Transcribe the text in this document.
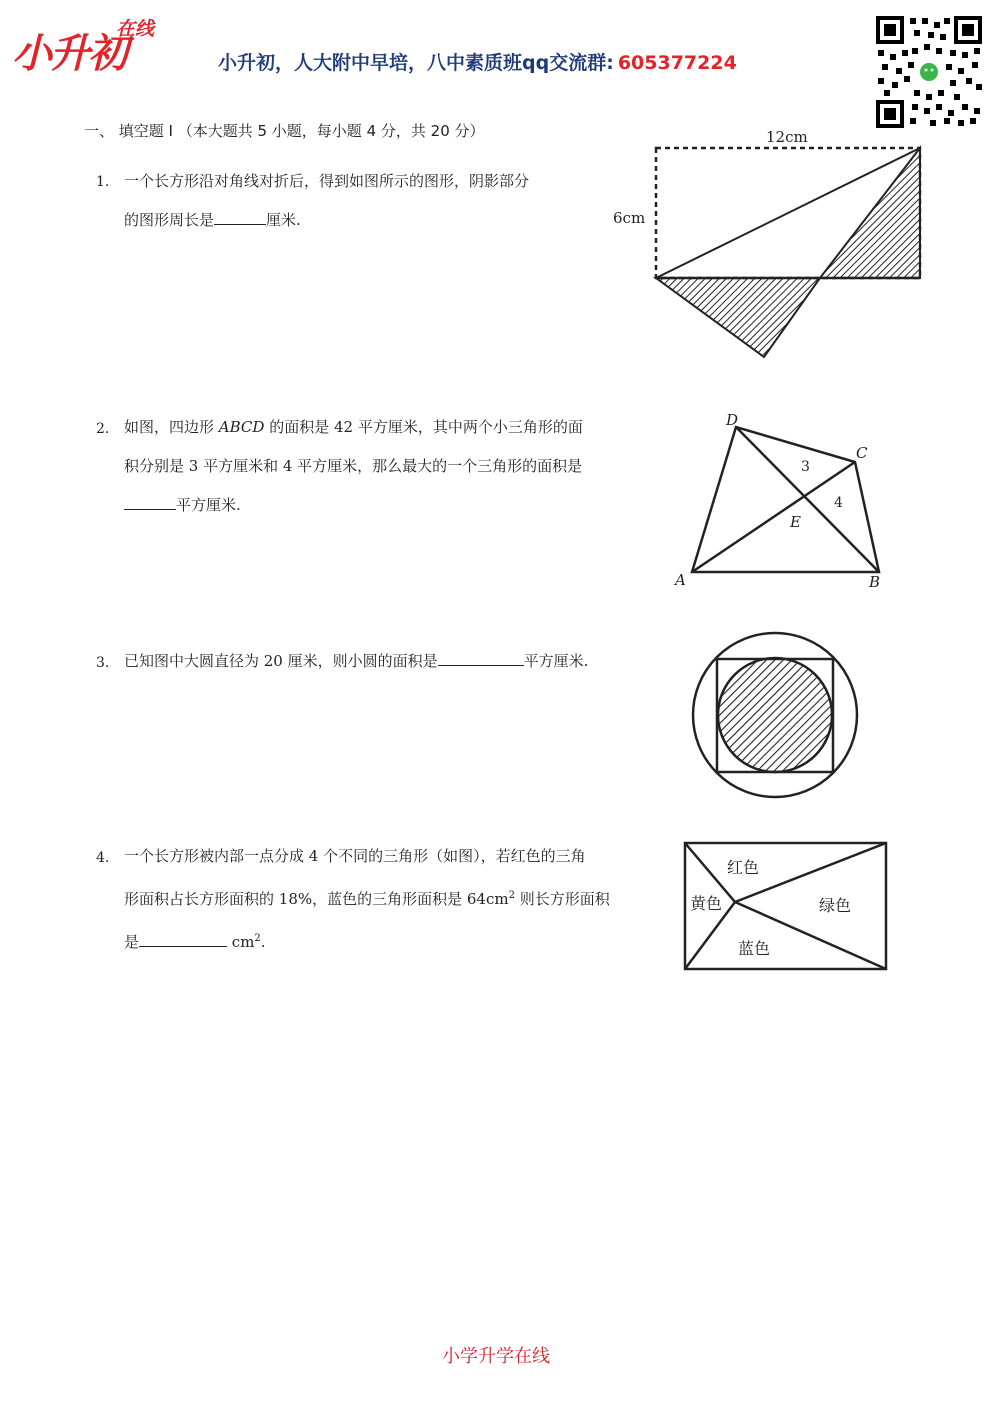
小升初
在线
小升初，人大附中早培，八中素质班qq交流群: 605377224
一、 填空题 I （本大题共 5 小题，每小题 4 分，共 20 分）
1. 一个长方形沿对角线对折后，得到如图所示的图形，阴影部分
的图形周长是	厘米.
12cm
6cm
2. 如图，四边形 ABCD 的面积是 42 平方厘米，其中两个小三角形的面
积分别是 3 平方厘米和 4 平方厘米，那么最大的一个三角形的面积是
平方厘米.
D
C
A	B
E
3
4
3. 已知图中大圆直径为 20 厘米，则小圆的面积是	平方厘米.
4. 一个长方形被内部一点分成 4 个不同的三角形（如图），若红色的三角
形面积占长方形面积的 18%，蓝色的三角形面积是 $64cm^2$ 则长方形面积
是	$cm^2$.
红色
黄色	绿色
蓝色
小学升学在线
